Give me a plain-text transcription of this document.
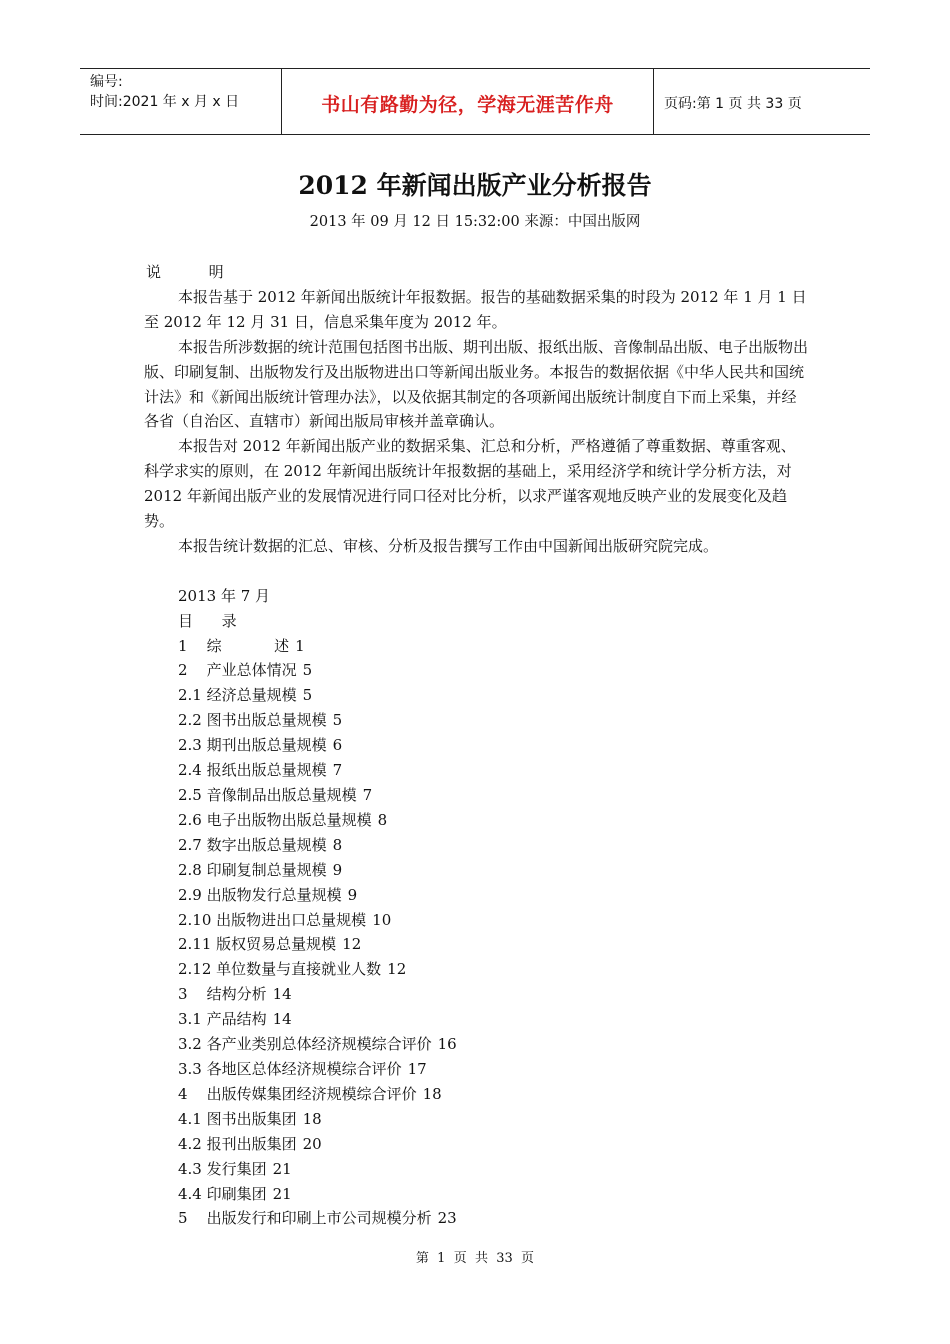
编号:
时间:2021 年 x 月 x 日	书山有路勤为径，学海无涯苦作舟	页码:第 1 页 共 33 页
2012 年新闻出版产业分析报告
2013 年 09 月 12 日 15:32:00 来源：中国出版网

说          明

本报告基于 2012 年新闻出版统计年报数据。报告的基础数据采集的时段为 2012 年 1 月 1 日至 2012 年 12 月 31 日，信息采集年度为 2012 年。

本报告所涉数据的统计范围包括图书出版、期刊出版、报纸出版、音像制品出版、电子出版物出版、印刷复制、出版物发行及出版物进出口等新闻出版业务。本报告的数据依据《中华人民共和国统计法》和《新闻出版统计管理办法》，以及依据其制定的各项新闻出版统计制度自下而上采集，并经各省（自治区、直辖市）新闻出版局审核并盖章确认。

本报告对 2012 年新闻出版产业的数据采集、汇总和分析，严格遵循了尊重数据、尊重客观、科学求实的原则，在 2012 年新闻出版统计年报数据的基础上，采用经济学和统计学分析方法，对 2012 年新闻出版产业的发展情况进行同口径对比分析，以求严谨客观地反映产业的发展变化及趋势。

本报告统计数据的汇总、审核、分析及报告撰写工作由中国新闻出版研究院完成。

2013 年 7 月

目      录

1    综           述 1

2    产业总体情况 5

2.1 经济总量规模 5

2.2 图书出版总量规模 5

2.3 期刊出版总量规模 6

2.4 报纸出版总量规模 7

2.5 音像制品出版总量规模 7

2.6 电子出版物出版总量规模 8

2.7 数字出版总量规模 8

2.8 印刷复制总量规模 9

2.9 出版物发行总量规模 9

2.10 出版物进出口总量规模 10

2.11 版权贸易总量规模 12

2.12 单位数量与直接就业人数 12

3    结构分析 14

3.1 产品结构 14

3.2 各产业类别总体经济规模综合评价 16

3.3 各地区总体经济规模综合评价 17

4    出版传媒集团经济规模综合评价 18

4.1 图书出版集团 18

4.2 报刊出版集团 20

4.3 发行集团 21

4.4 印刷集团 21

5    出版发行和印刷上市公司规模分析 23

第  1  页  共  33  页
